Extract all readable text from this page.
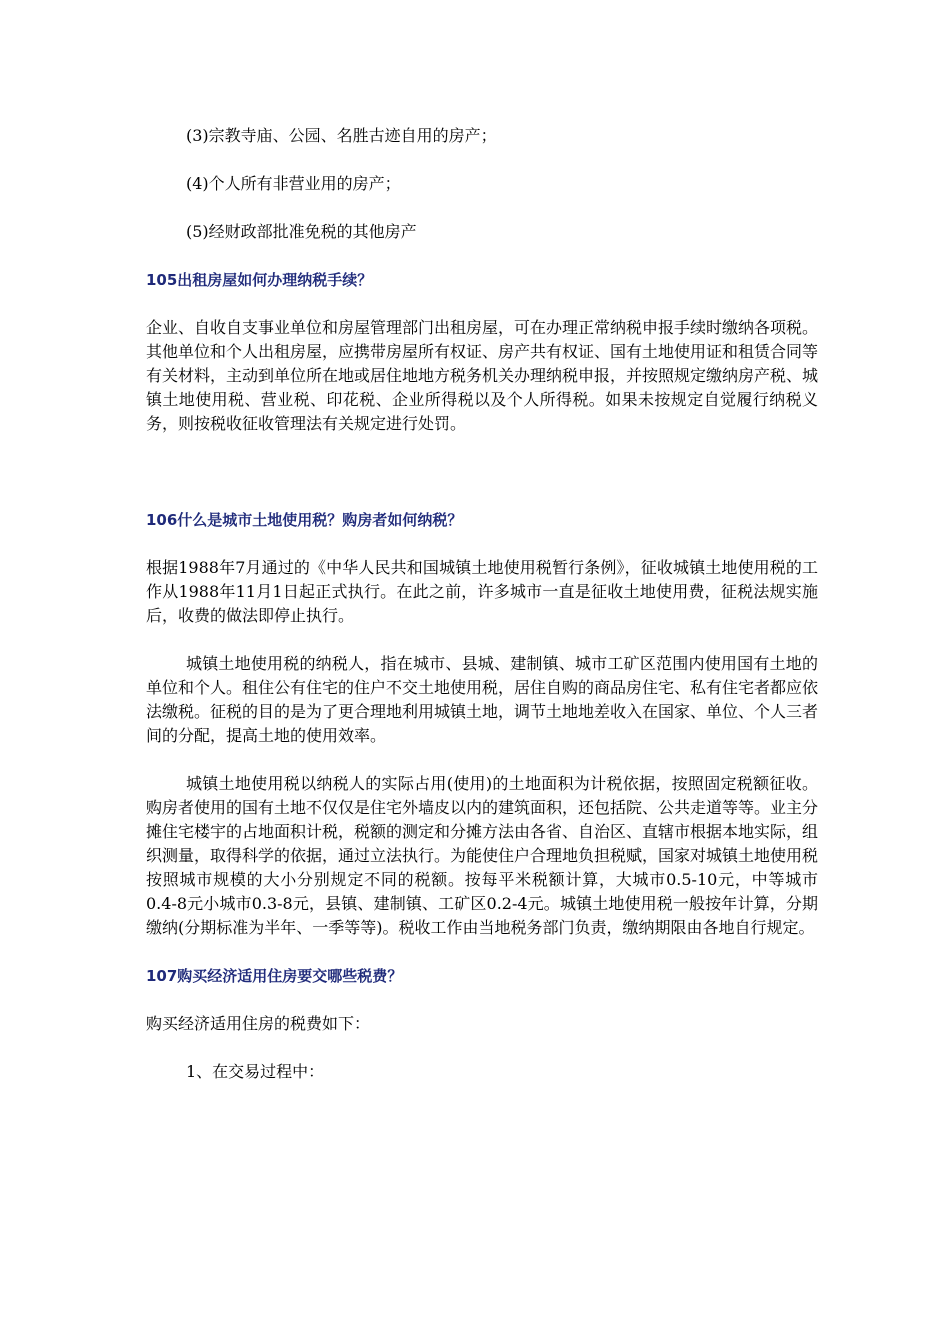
(3)宗教寺庙、公园、名胜古迹自用的房产；

(4)个人所有非营业用的房产；

(5)经财政部批准免税的其他房产

105出租房屋如何办理纳税手续？

企业、自收自支事业单位和房屋管理部门出租房屋，可在办理正常纳税申报手续时缴纳各项税。其他单位和个人出租房屋，应携带房屋所有权证、房产共有权证、国有土地使用证和租赁合同等有关材料，主动到单位所在地或居住地地方税务机关办理纳税申报，并按照规定缴纳房产税、城镇土地使用税、营业税、印花税、企业所得税以及个人所得税。如果未按规定自觉履行纳税义务，则按税收征收管理法有关规定进行处罚。

106什么是城市土地使用税？购房者如何纳税？

根据1988年7月通过的《中华人民共和国城镇土地使用税暂行条例》，征收城镇土地使用税的工作从1988年11月1日起正式执行。在此之前，许多城市一直是征收土地使用费，征税法规实施后，收费的做法即停止执行。

城镇土地使用税的纳税人，指在城市、县城、建制镇、城市工矿区范围内使用国有土地的单位和个人。租住公有住宅的住户不交土地使用税，居住自购的商品房住宅、私有住宅者都应依法缴税。征税的目的是为了更合理地利用城镇土地，调节土地地差收入在国家、单位、个人三者间的分配，提高土地的使用效率。

城镇土地使用税以纳税人的实际占用(使用)的土地面积为计税依据，按照固定税额征收。购房者使用的国有土地不仅仅是住宅外墙皮以内的建筑面积，还包括院、公共走道等等。业主分摊住宅楼宇的占地面积计税，税额的测定和分摊方法由各省、自治区、直辖市根据本地实际，组织测量，取得科学的依据，通过立法执行。为能使住户合理地负担税赋，国家对城镇土地使用税按照城市规模的大小分别规定不同的税额。按每平米税额计算，大城市0.5-10元，中等城市0.4-8元小城市0.3-8元，县镇、建制镇、工矿区0.2-4元。城镇土地使用税一般按年计算，分期缴纳(分期标准为半年、一季等等)。税收工作由当地税务部门负责，缴纳期限由各地自行规定。

107购买经济适用住房要交哪些税费？

购买经济适用住房的税费如下：

1、在交易过程中：
